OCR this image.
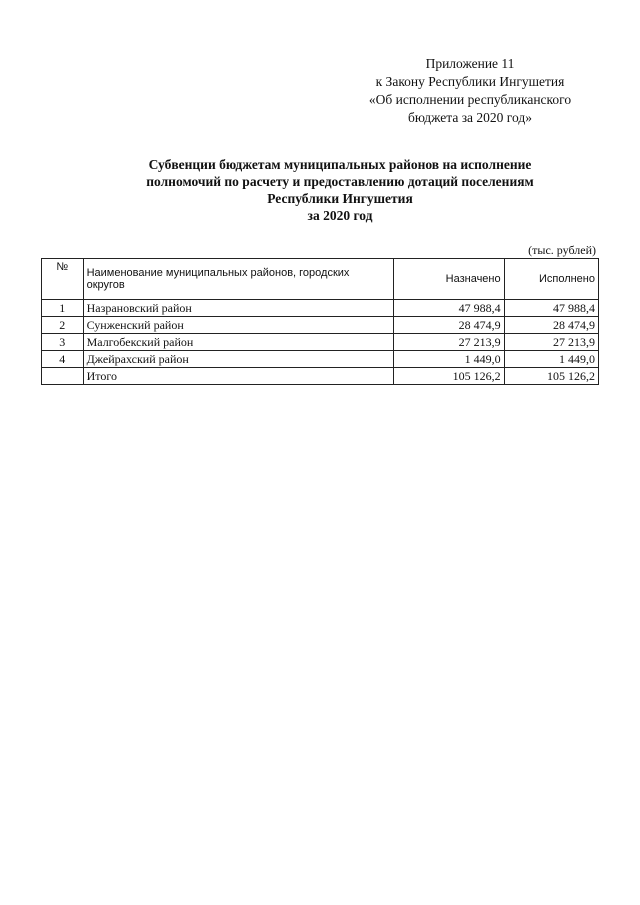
Приложение 11
к Закону Республики Ингушетия
«Об исполнении республиканского
бюджета за 2020 год»
Субвенции бюджетам муниципальных районов на исполнение
полномочий по расчету и предоставлению дотаций поселениям
Республики Ингушетия
за 2020 год
(тыс. рублей)
№	Наименование муниципальных районов, городских округов	Назначено	Исполнено
1	Назрановский район	47 988,4	47 988,4
2	Сунженский район	28 474,9	28 474,9
3	Малгобекский район	27 213,9	27 213,9
4	Джейрахский район	1 449,0	1 449,0
	Итого	105 126,2	105 126,2
